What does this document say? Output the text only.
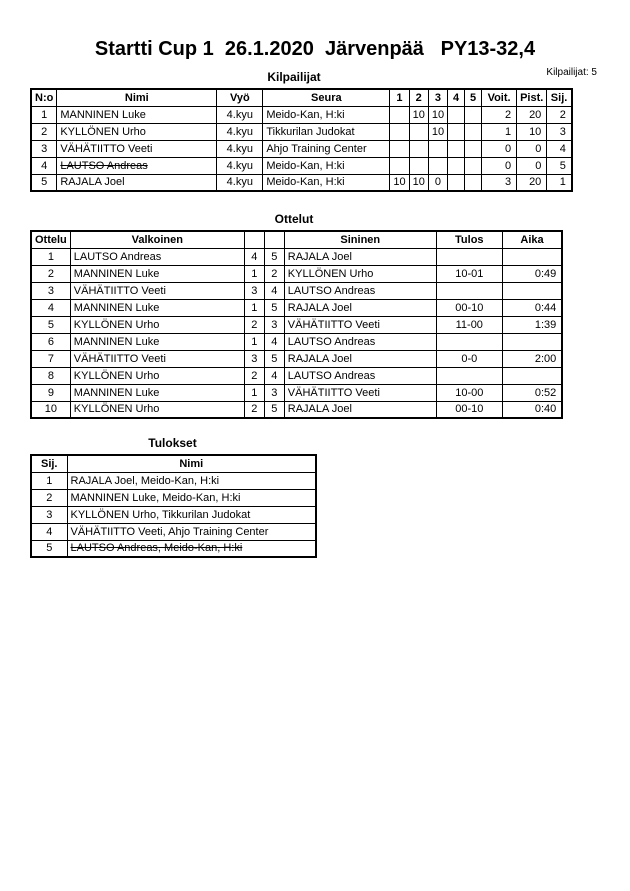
Startti Cup 1  26.1.2020  Järvenpää   PY13-32,4
Kilpailijat	Kilpailijat: 5
N:o	Nimi	Vyö	Seura	1	2	3	4	5	Voit.	Pist.	Sij.
1	MANNINEN Luke	4.kyu	Meido-Kan, H:ki		10	10			2	20	2
2	KYLLÖNEN Urho	4.kyu	Tikkurilan Judokat			10			1	10	3
3	VÄHÄTIITTO Veeti	4.kyu	Ahjo Training Center						0	0	4
4	LAUTSO Andreas	4.kyu	Meido-Kan, H:ki						0	0	5
5	RAJALA Joel	4.kyu	Meido-Kan, H:ki	10	10	0			3	20	1
Ottelut
Ottelu	Valkoinen			Sininen	Tulos	Aika
1	LAUTSO Andreas	4	5	RAJALA Joel		
2	MANNINEN Luke	1	2	KYLLÖNEN Urho	10-01	0:49
3	VÄHÄTIITTO Veeti	3	4	LAUTSO Andreas		
4	MANNINEN Luke	1	5	RAJALA Joel	00-10	0:44
5	KYLLÖNEN Urho	2	3	VÄHÄTIITTO Veeti	11-00	1:39
6	MANNINEN Luke	1	4	LAUTSO Andreas		
7	VÄHÄTIITTO Veeti	3	5	RAJALA Joel	0-0	2:00
8	KYLLÖNEN Urho	2	4	LAUTSO Andreas		
9	MANNINEN Luke	1	3	VÄHÄTIITTO Veeti	10-00	0:52
10	KYLLÖNEN Urho	2	5	RAJALA Joel	00-10	0:40
Tulokset
Sij.	Nimi
1	RAJALA Joel, Meido-Kan, H:ki
2	MANNINEN Luke, Meido-Kan, H:ki
3	KYLLÖNEN Urho, Tikkurilan Judokat
4	VÄHÄTIITTO Veeti, Ahjo Training Center
5	LAUTSO Andreas, Meido-Kan, H:ki
